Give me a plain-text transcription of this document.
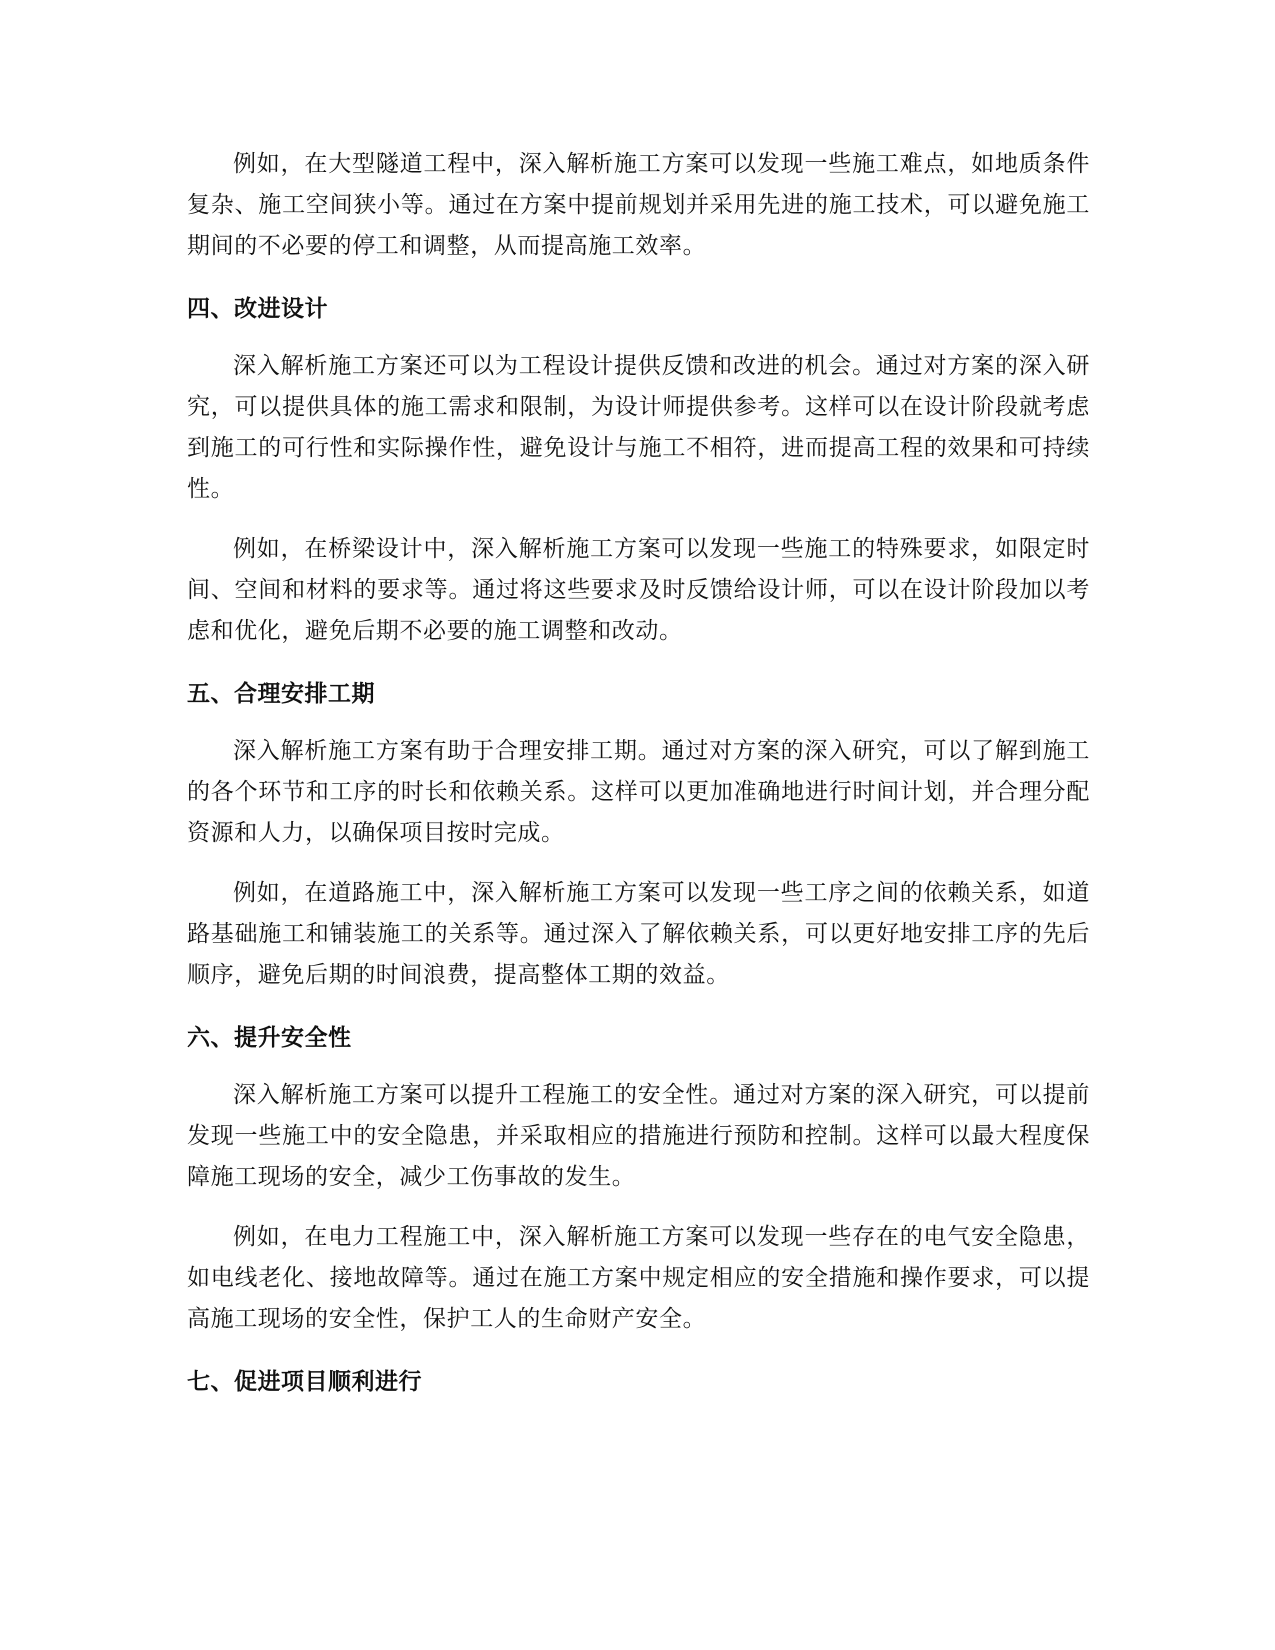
例如，在大型隧道工程中，深入解析施工方案可以发现一些施工难点，如地质条件复杂、施工空间狭小等。通过在方案中提前规划并采用先进的施工技术，可以避免施工期间的不必要的停工和调整，从而提高施工效率。

四、改进设计

深入解析施工方案还可以为工程设计提供反馈和改进的机会。通过对方案的深入研究，可以提供具体的施工需求和限制，为设计师提供参考。这样可以在设计阶段就考虑到施工的可行性和实际操作性，避免设计与施工不相符，进而提高工程的效果和可持续性。

例如，在桥梁设计中，深入解析施工方案可以发现一些施工的特殊要求，如限定时间、空间和材料的要求等。通过将这些要求及时反馈给设计师，可以在设计阶段加以考虑和优化，避免后期不必要的施工调整和改动。

五、合理安排工期

深入解析施工方案有助于合理安排工期。通过对方案的深入研究，可以了解到施工的各个环节和工序的时长和依赖关系。这样可以更加准确地进行时间计划，并合理分配资源和人力，以确保项目按时完成。

例如，在道路施工中，深入解析施工方案可以发现一些工序之间的依赖关系，如道路基础施工和铺装施工的关系等。通过深入了解依赖关系，可以更好地安排工序的先后顺序，避免后期的时间浪费，提高整体工期的效益。

六、提升安全性

深入解析施工方案可以提升工程施工的安全性。通过对方案的深入研究，可以提前发现一些施工中的安全隐患，并采取相应的措施进行预防和控制。这样可以最大程度保障施工现场的安全，减少工伤事故的发生。

例如，在电力工程施工中，深入解析施工方案可以发现一些存在的电气安全隐患，如电线老化、接地故障等。通过在施工方案中规定相应的安全措施和操作要求，可以提高施工现场的安全性，保护工人的生命财产安全。

七、促进项目顺利进行
